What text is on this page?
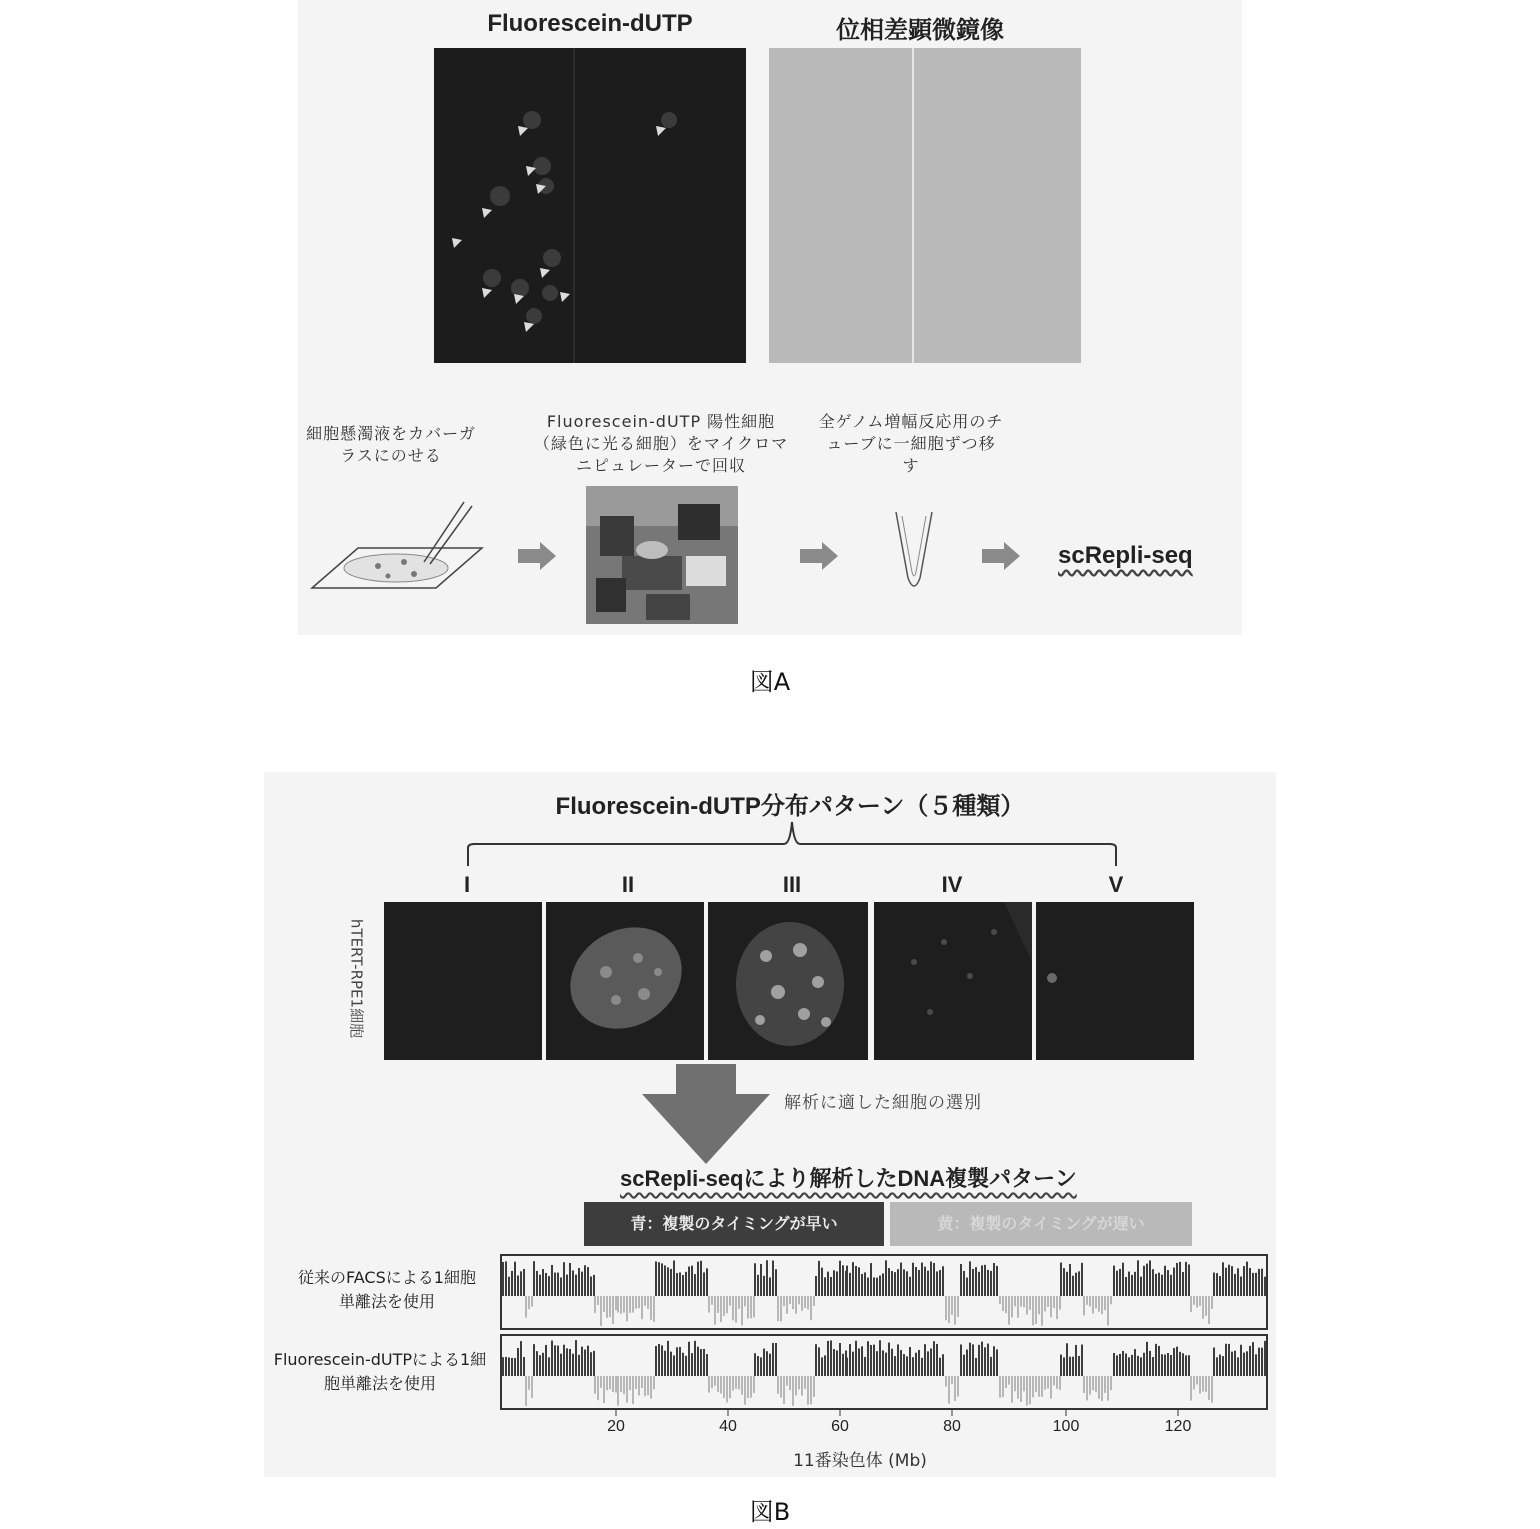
Fluorescein-dUTP	位相差顕微鏡像
細胞懸濁液をカバーガラスにのせる
Fluorescein-dUTP 陽性細胞（緑色に光る細胞）をマイクロマニピュレーターで回収
全ゲノム増幅反応用のチューブに一細胞ずつ移す
scRepli-seq
図A
Fluorescein-dUTP分布パターン（５種類）
I	II	III	IV	V
hTERT-RPE1細胞
解析に適した細胞の選別
scRepli-seqにより解析したDNA複製パターン
青：複製のタイミングが早い	黄：複製のタイミングが遅い
従来のFACSによる1細胞単離法を使用
Fluorescein-dUTPによる1細胞単離法を使用
20	40	60	80	100	120
11番染色体 (Mb)
図B
